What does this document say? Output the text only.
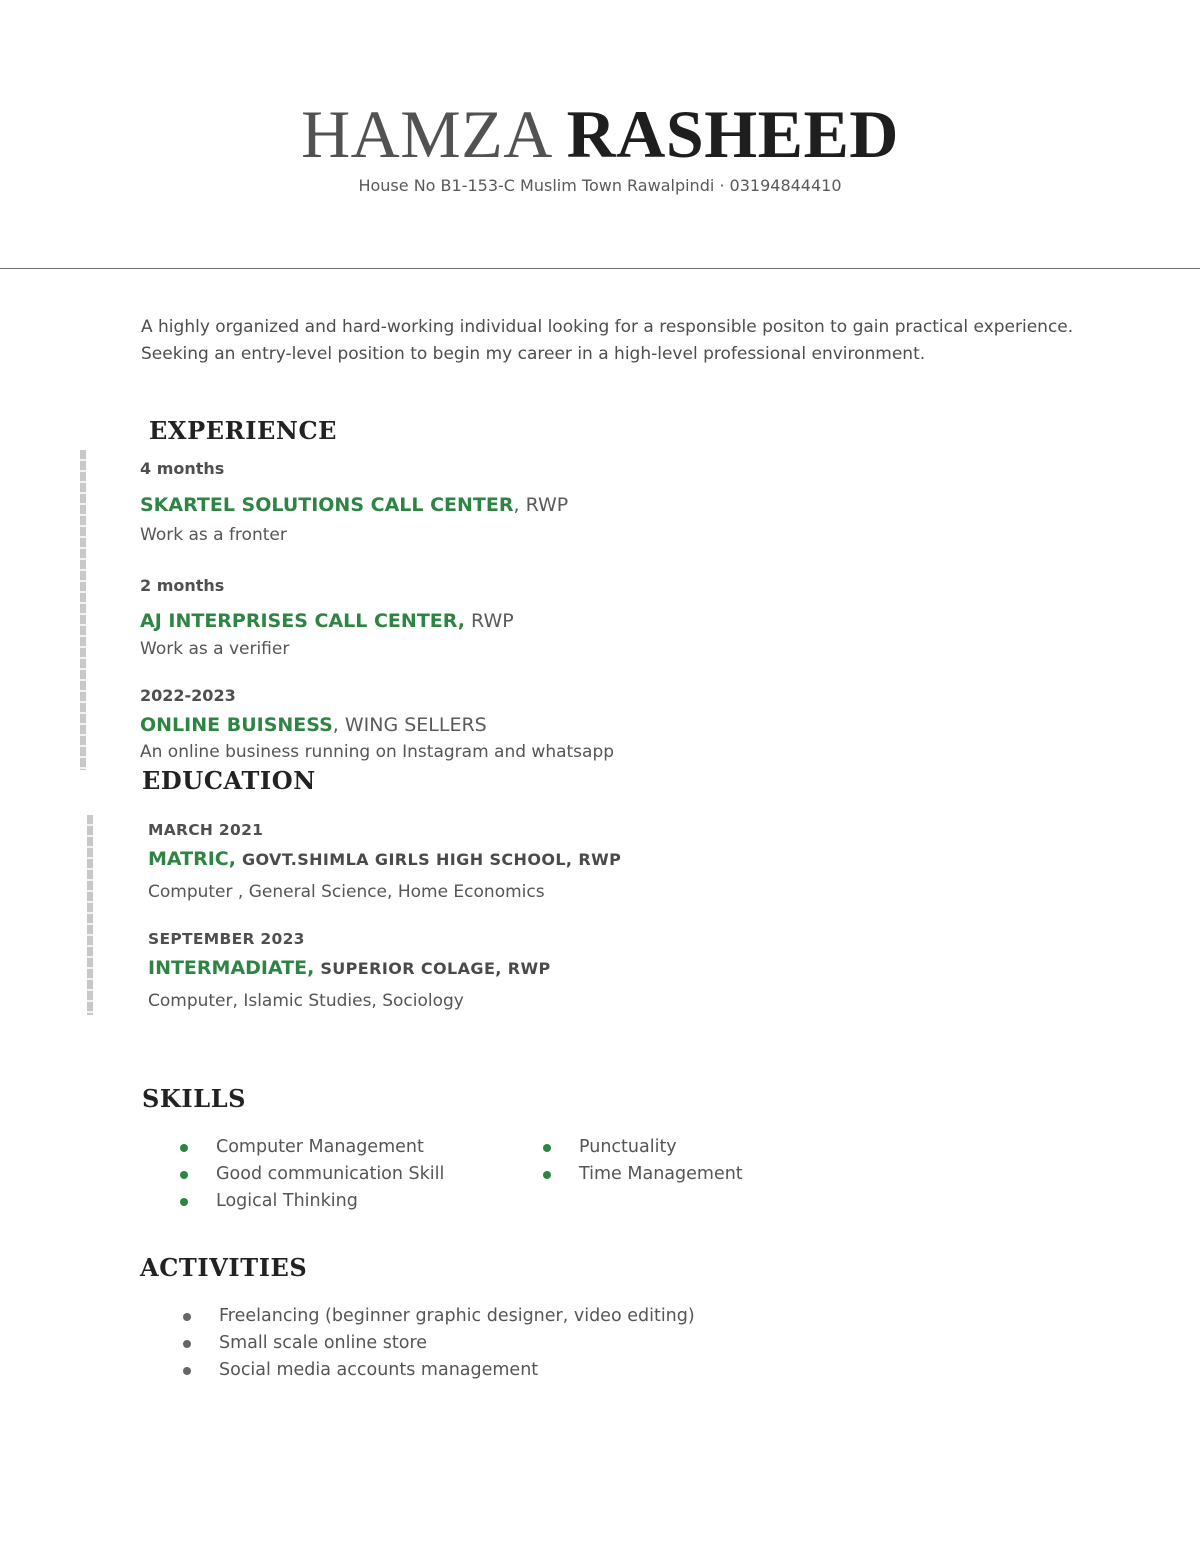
HAMZA RASHEED
House No B1-153-C Muslim Town Rawalpindi · 03194844410
A highly organized and hard-working individual looking for a responsible positon to gain practical experience. Seeking an entry-level position to begin my career in a high-level professional environment.
EXPERIENCE
4 months
SKARTEL SOLUTIONS CALL CENTER, RWP
Work as a fronter
2 months
AJ INTERPRISES CALL CENTER, RWP
Work as a verifier
2022-2023
ONLINE BUISNESS, WING SELLERS
An online business running on Instagram and whatsapp
EDUCATION
MARCH 2021
MATRIC, GOVT.SHIMLA GIRLS HIGH SCHOOL, RWP
Computer , General Science, Home Economics
SEPTEMBER 2023
INTERMADIATE, SUPERIOR COLAGE, RWP
Computer, Islamic Studies, Sociology
SKILLS
Computer Management
Good communication Skill
Logical Thinking
Punctuality
Time Management
ACTIVITIES
Freelancing (beginner graphic designer, video editing)
Small scale online store
Social media accounts management
